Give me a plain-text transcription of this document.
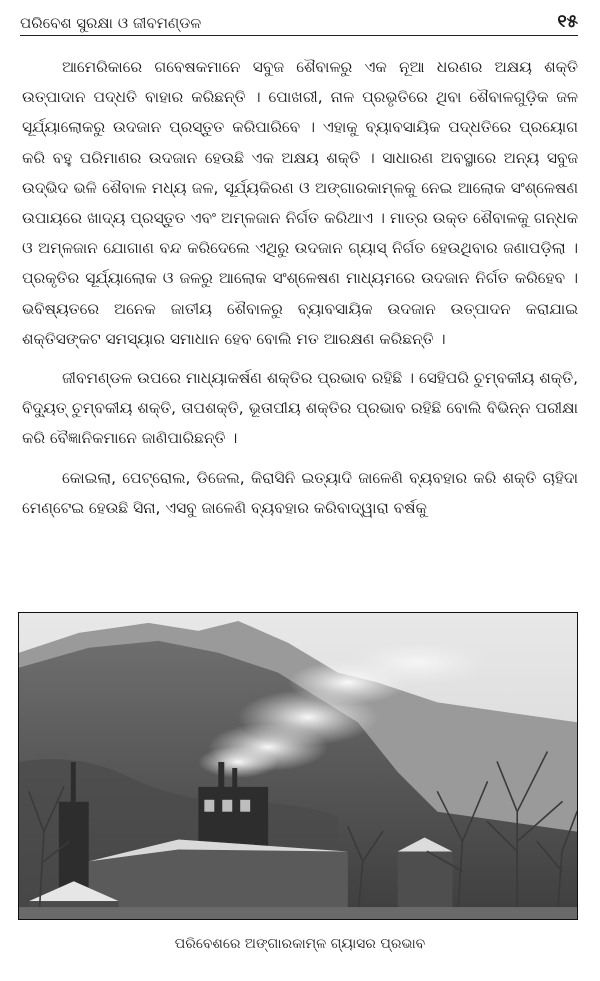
ପରିବେଶ ସୁରକ୍ଷା ଓ ଜୀବମଣ୍ଡଳ	୧୫

ଆମେରିକାରେ ଗବେଷକମାନେ ସବୁଜ ଶୈବାଳରୁ ଏକ ନୂଆ ଧରଣର ଅକ୍ଷୟ ଶକ୍ତି ଉତ୍ପାଦାନ ପଦ୍ଧତି ବାହାର କରିଛନ୍ତି । ପୋଖରୀ, ନାଳ ପ୍ରଭୃତିରେ ଥିବା ଶୈବାଳଗୁଡ଼ିକ ଜଳ ସୂର୍ଯ୍ୟାଲୋକରୁ ଉଦଜାନ ପ୍ରସ୍ତୁତ କରିପାରିବେ । ଏହାକୁ ବ୍ୟାବସାୟିକ ପଦ୍ଧତିରେ ପ୍ରୟୋଗ କରି ବହୁ ପରିମାଣର ଉଦଜାନ ହେଉଛି ଏକ ଅକ୍ଷୟ ଶକ୍ତି । ସାଧାରଣ ଅବସ୍ଥାରେ ଅନ୍ୟ ସବୁଜ ଉଦ୍ଭିଦ ଭଳି ଶୈବାଳ ମଧ୍ୟ ଜଳ, ସୂର୍ଯ୍ୟକିରଣ ଓ ଅଙ୍ଗାରକାମ୍ଳକୁ ନେଇ ଆଲୋକ ସଂଶ୍ଳେଷଣ ଉପାୟରେ ଖାଦ୍ୟ ପ୍ରସ୍ତୁତ ଏବଂ ଅମ୍ଳଜାନ ନିର୍ଗତ କରିଥାଏ । ମାତ୍ର ଉକ୍ତ ଶୈବାଳକୁ ଗନ୍ଧକ ଓ ଅମ୍ଳଜାନ ଯୋଗାଣ ବନ୍ଦ କରିଦେଲେ ଏଥିରୁ ଉଦଜାନ ଗ୍ୟାସ୍ ନିର୍ଗତ ହେଉଥିବାର ଜଣାପଡ଼ିଲା । ପ୍ରକୃତିର ସୂର୍ଯ୍ୟାଲୋକ ଓ ଜଳରୁ ଆଲୋକ ସଂଶ୍ଳେଷଣ ମାଧ୍ୟମରେ ଉଦଜାନ ନିର୍ଗତ କରିହେବ । ଭବିଷ୍ୟତରେ ଅନେକ ଜାତୀୟ ଶୈବାଳରୁ ବ୍ୟାବସାୟିକ ଉଦଜାନ ଉତ୍ପାଦନ କରାଯାଇ ଶକ୍ତିସଙ୍କଟ ସମସ୍ୟାର ସମାଧାନ ହେବ ବୋଲି ମତ ଆରକ୍ଷଣ କରିଛନ୍ତି ।

ଜୀବମଣ୍ଡଳ ଉପରେ ମାଧ୍ୟାକର୍ଷଣ ଶକ୍ତିର ପ୍ରଭାବ ରହିଛି । ସେହିପରି ଚୁମ୍ବକୀୟ ଶକ୍ତି, ବିଦ୍ୟୁତ୍ ଚୁମ୍ବକୀୟ ଶକ୍ତି, ତାପଶକ୍ତି, ଭୂତାପୀୟ ଶକ୍ତିର ପ୍ରଭାବ ରହିଛି ବୋଲି ବିଭିନ୍ନ ପରୀକ୍ଷା କରି ବୈଜ୍ଞାନିକମାନେ ଜାଣିପାରିଛନ୍ତି ।

କୋଇଲା, ପେଟ୍ରୋଲ, ଡିଜେଲ, କିରାସିନି ଇତ୍ୟାଦି ଜାଳେଣି ବ୍ୟବହାର କରି ଶକ୍ତି ଚାହିଦା ମେଣ୍ଟେଇ ହେଉଛି ସିନା, ଏସବୁ ଜାଳେଣି ବ୍ୟବହାର କରିବାଦ୍ୱାରା ବର୍ଷକୁ

ପରିବେଶରେ ଅଙ୍ଗାରକାମ୍ଳ ଗ୍ୟାସର ପ୍ରଭାବ
